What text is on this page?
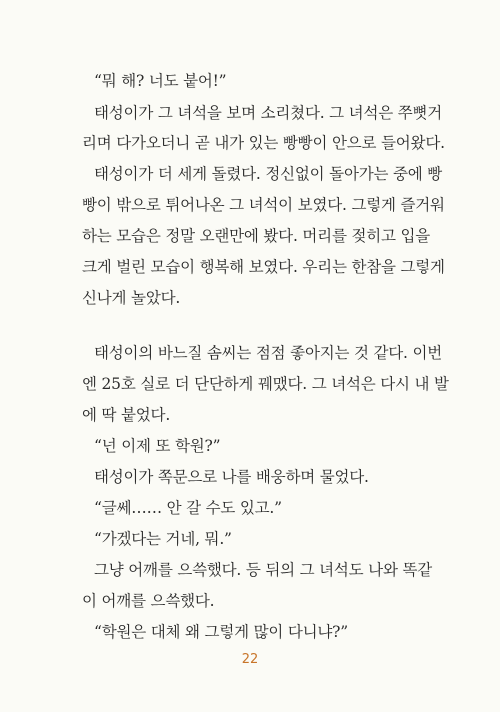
“뭐 해? 너도 붙어!”
태성이가 그 녀석을 보며 소리쳤다. 그 녀석은 쭈뼛거
리며 다가오더니 곧 내가 있는 빵빵이 안으로 들어왔다.
태성이가 더 세게 돌렸다. 정신없이 돌아가는 중에 빵
빵이 밖으로 튀어나온 그 녀석이 보였다. 그렇게 즐거워
하는 모습은 정말 오랜만에 봤다. 머리를 젖히고 입을
크게 벌린 모습이 행복해 보였다. 우리는 한참을 그렇게
신나게 놀았다.
태성이의 바느질 솜씨는 점점 좋아지는 것 같다. 이번
엔 25호 실로 더 단단하게 꿰맸다. 그 녀석은 다시 내 발
에 딱 붙었다.
“넌 이제 또 학원?”
태성이가 쪽문으로 나를 배웅하며 물었다.
“글쎄…… 안 갈 수도 있고.”
“가겠다는 거네, 뭐.”
그냥 어깨를 으쓱했다. 등 뒤의 그 녀석도 나와 똑같
이 어깨를 으쓱했다.
“학원은 대체 왜 그렇게 많이 다니냐?”
22
